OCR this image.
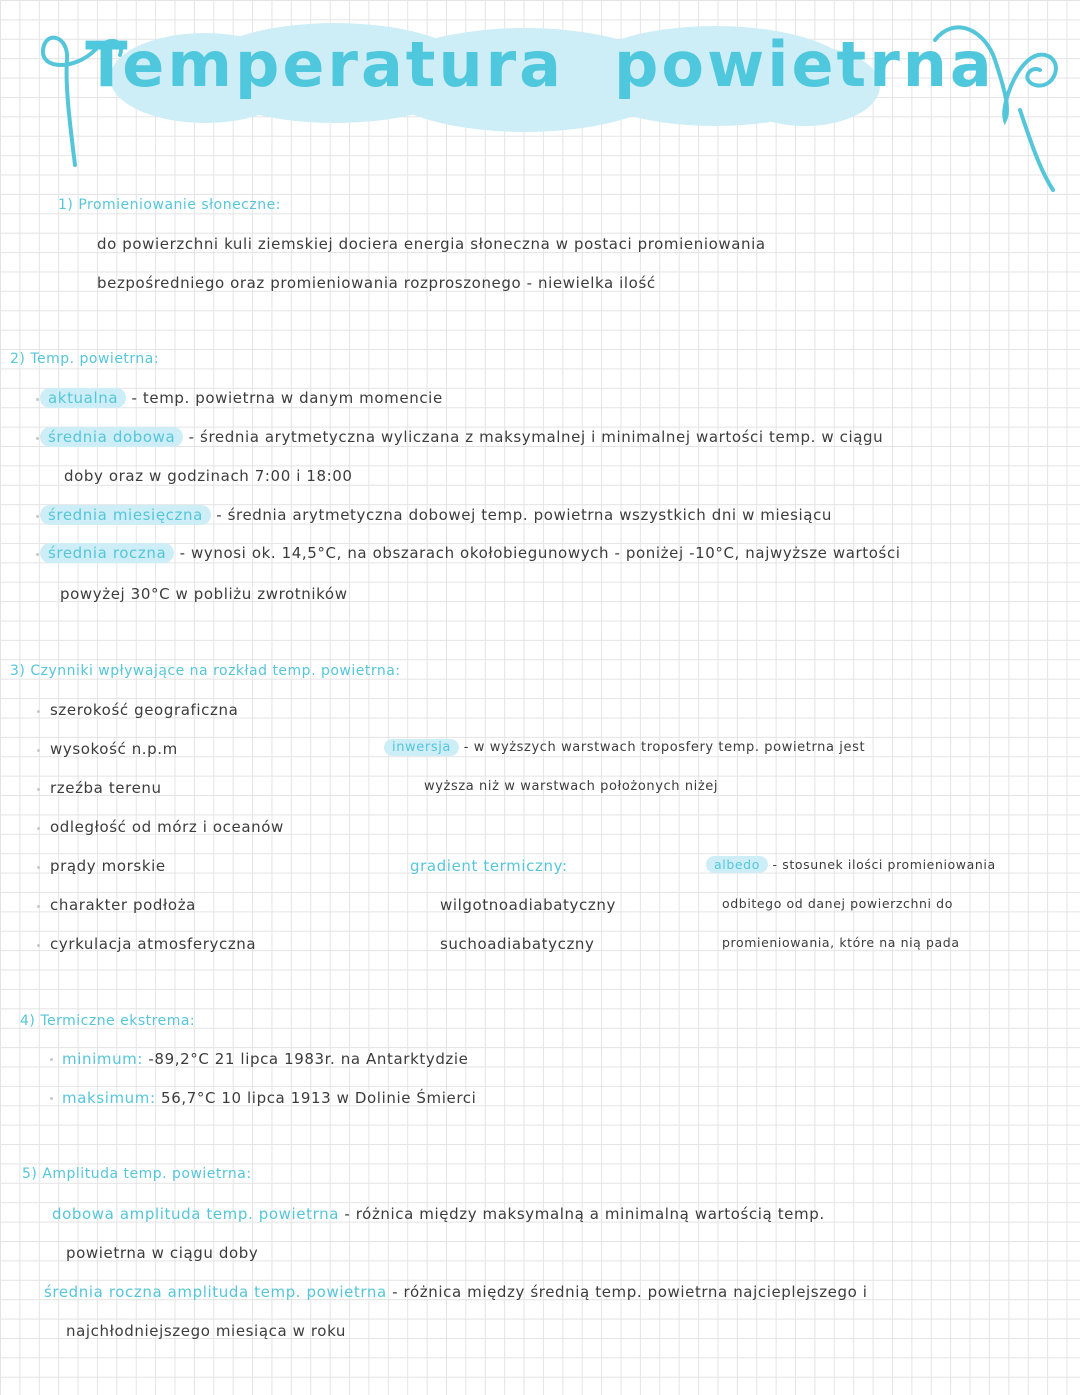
Temperatura powietrna
1) Promieniowanie słoneczne:
do powierzchni kuli ziemskiej dociera energia słoneczna w postaci promieniowania
bezpośredniego oraz promieniowania rozproszonego - niewielka ilość
2) Temp. powietrna:
aktualna - temp. powietrna w danym momencie
średnia dobowa - średnia arytmetyczna wyliczana z maksymalnej i minimalnej wartości temp. w ciągu
doby oraz w godzinach 7:00 i 18:00
średnia miesięczna - średnia arytmetyczna dobowej temp. powietrna wszystkich dni w miesiącu
średnia roczna - wynosi ok. 14,5°C, na obszarach okołobiegunowych - poniżej -10°C, najwyższe wartości
powyżej 30°C w pobliżu zwrotników
3) Czynniki wpływające na rozkład temp. powietrna:
szerokość geograficzna
wysokość n.p.m
rzeźba terenu
odległość od mórz i oceanów
prądy morskie
charakter podłoża
cyrkulacja atmosferyczna
inwersja - w wyższych warstwach troposfery temp. powietrna jest
wyższa niż w warstwach położonych niżej
gradient termiczny:
wilgotnoadiabatyczny
suchoadiabatyczny
albedo - stosunek ilości promieniowania
odbitego od danej powierzchni do
promieniowania, które na nią pada
4) Termiczne ekstrema:
minimum: -89,2°C 21 lipca 1983r. na Antarktydzie
maksimum: 56,7°C 10 lipca 1913 w Dolinie Śmierci
5) Amplituda temp. powietrna:
dobowa amplituda temp. powietrna - różnica między maksymalną a minimalną wartością temp.
powietrna w ciągu doby
średnia roczna amplituda temp. powietrna - różnica między średnią temp. powietrna najcieplejszego i
najchłodniejszego miesiąca w roku
